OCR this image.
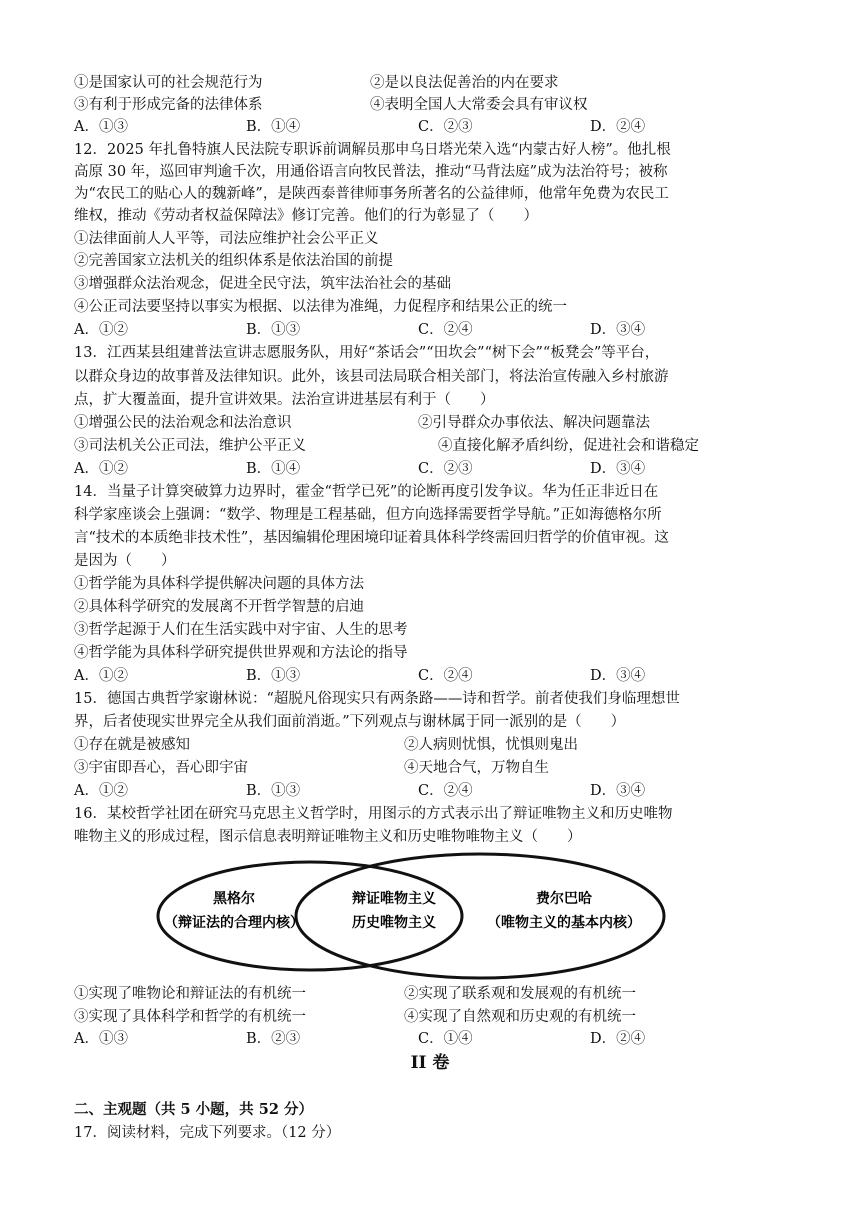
①是国家认可的社会规范行为	②是以良法促善治的内在要求
③有利于形成完备的法律体系	④表明全国人大常委会具有审议权
A．①③	B．①④	C．②③	D．②④
12．2025 年扎鲁特旗人民法院专职诉前调解员那申乌日塔光荣入选“内蒙古好人榜”。他扎根
高原 30 年，巡回审判逾千次，用通俗语言向牧民普法，推动“马背法庭”成为法治符号；被称
为“农民工的贴心人的魏新峰”，是陕西泰普律师事务所著名的公益律师，他常年免费为农民工
维权，推动《劳动者权益保障法》修订完善。他们的行为彰显了（　　）
①法律面前人人平等，司法应维护社会公平正义
②完善国家立法机关的组织体系是依法治国的前提
③增强群众法治观念，促进全民守法，筑牢法治社会的基础
④公正司法要坚持以事实为根据、以法律为准绳，力促程序和结果公正的统一
A．①②	B．①③	C．②④	D．③④
13．江西某县组建普法宣讲志愿服务队，用好“茶话会”“田坎会”“树下会”“板凳会”等平台，
以群众身边的故事普及法律知识。此外，该县司法局联合相关部门，将法治宣传融入乡村旅游
点，扩大覆盖面，提升宣讲效果。法治宣讲进基层有利于（　　）
①增强公民的法治观念和法治意识	②引导群众办事依法、解决问题靠法
③司法机关公正司法，维护公平正义	④直接化解矛盾纠纷，促进社会和谐稳定
A．①②	B．①④	C．②③	D．③④
14．当量子计算突破算力边界时，霍金“哲学已死”的论断再度引发争议。华为任正非近日在
科学家座谈会上强调：“数学、物理是工程基础，但方向选择需要哲学导航。”正如海德格尔所
言“技术的本质绝非技术性”，基因编辑伦理困境印证着具体科学终需回归哲学的价值审视。这
是因为（　　）
①哲学能为具体科学提供解决问题的具体方法
②具体科学研究的发展离不开哲学智慧的启迪
③哲学起源于人们在生活实践中对宇宙、人生的思考
④哲学能为具体科学研究提供世界观和方法论的指导
A．①②	B．①③	C．②④	D．③④
15．德国古典哲学家谢林说：“超脱凡俗现实只有两条路——诗和哲学。前者使我们身临理想世
界，后者使现实世界完全从我们面前消逝。”下列观点与谢林属于同一派别的是（　　）
①存在就是被感知	②人病则忧惧，忧惧则鬼出
③宇宙即吾心，吾心即宇宙	④天地合气，万物自生
A．①②	B．①③	C．②④	D．③④
16．某校哲学社团在研究马克思主义哲学时，用图示的方式表示出了辩证唯物主义和历史唯物
唯物主义的形成过程，图示信息表明辩证唯物主义和历史唯物唯物主义（　　）
黑格尔
（辩证法的合理内核）
辩证唯物主义
历史唯物主义
费尔巴哈
（唯物主义的基本内核）
①实现了唯物论和辩证法的有机统一	②实现了联系观和发展观的有机统一
③实现了具体科学和哲学的有机统一	④实现了自然观和历史观的有机统一
A．①③	B．②③	C．①④	D．②④
II 卷
二、主观题（共 5 小题，共 52 分）
17．阅读材料，完成下列要求。（12 分）
